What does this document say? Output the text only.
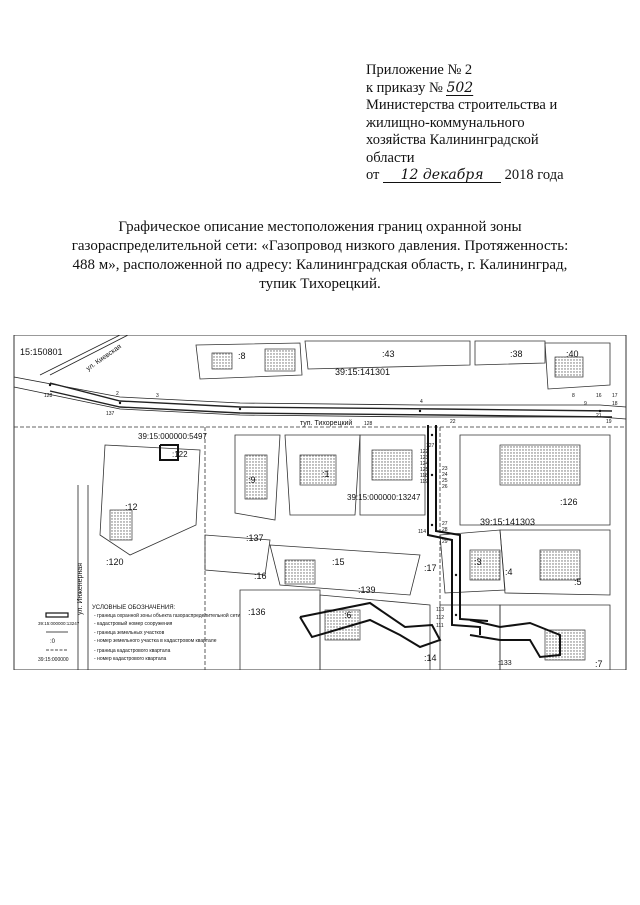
Приложение № 2
к приказу № 502
Министерства строительства и
жилищно-коммунального
хозяйства Калининградской
области
от 12 декабря 2018 года
Графическое описание местоположения границ охранной зоны
газораспределительной сети: «Газопровод низкого давления. Протяженность:
488 м», расположенной по адресу: Калининградская область, г. Калининград,
тупик Тихорецкий.
15:150801	ул. Киевская	:8	:43	:38	:40
39:15:141301
туп. Тихорецкий
39:15:000000:5497
:122
:9
:1
:12
39:15:000000:13247	:126
39:15:141303
:120
ул. Инженерная
:137
:15
:16
:17
:3
:4
:5
:139
:136	:6
:14
:7
:133
128	2	3
137
4
128	22
21
19
8
9
16 17
18
127
122
123
124
125
118
119
23
24
25
26
27
28
29
114
113
112
111
УСЛОВНЫЕ ОБОЗНАЧЕНИЯ:
- граница охранной зоны объекта газораспределительной сети
39:15:000000:13247	- кадастровый номер сооружения
- граница земельных участков
:0	- номер земельного участка в кадастровом квартале
- граница кадастрового квартала
39:15:000000	- номер кадастрового квартала
